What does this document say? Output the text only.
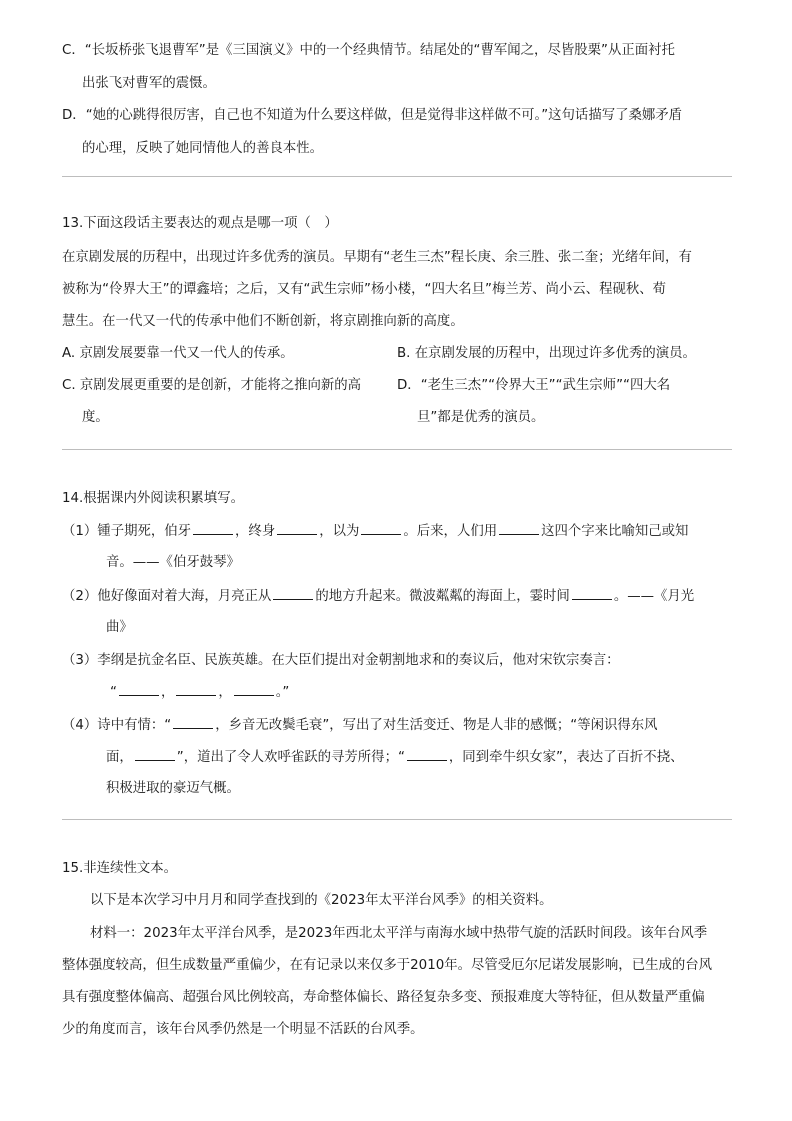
C．“长坂桥张飞退曹军”是《三国演义》中的一个经典情节。结尾处的“曹军闻之，尽皆股栗”从正面衬托
出张飞对曹军的震慑。
D．“她的心跳得很厉害，自己也不知道为什么要这样做，但是觉得非这样做不可。”这句话描写了桑娜矛盾
的心理，反映了她同情他人的善良本性。
13.下面这段话主要表达的观点是哪一项（　）
在京剧发展的历程中，出现过许多优秀的演员。早期有“老生三杰”程长庚、余三胜、张二奎；光绪年间，有
被称为“伶界大王”的谭鑫培；之后，又有“武生宗师”杨小楼，“四大名旦”梅兰芳、尚小云、程砚秋、荀
慧生。在一代又一代的传承中他们不断创新，将京剧推向新的高度。
A. 京剧发展要靠一代又一代人的传承。	B. 在京剧发展的历程中，出现过许多优秀的演员。
C. 京剧发展更重要的是创新，才能将之推向新的高
度。
D．“老生三杰”“伶界大王”“武生宗师”“四大名
旦”都是优秀的演员。
14.根据课内外阅读积累填写。
（1）锺子期死，伯牙	，终身	，以为	。后来，人们用	这四个字来比喻知己或知
音。——《伯牙鼓琴》
（2）他好像面对着大海，月亮正从	的地方升起来。微波粼粼的海面上，霎时间	。——《月光
曲》
（3）李纲是抗金名臣、民族英雄。在大臣们提出对金朝割地求和的奏议后，他对宋钦宗奏言：
“	，	，	。”
（4）诗中有情：“	，乡音无改鬓毛衰”，写出了对生活变迁、物是人非的感慨；“等闲识得东风
面，	”，道出了令人欢呼雀跃的寻芳所得；“	，同到牵牛织女家”，表达了百折不挠、
积极进取的豪迈气概。
15.非连续性文本。
以下是本次学习中月月和同学查找到的《2023年太平洋台风季》的相关资料。
材料一：2023年太平洋台风季，是2023年西北太平洋与南海水域中热带气旋的活跃时间段。该年台风季
整体强度较高，但生成数量严重偏少，在有记录以来仅多于2010年。尽管受厄尔尼诺发展影响，已生成的台风
具有强度整体偏高、超强台风比例较高，寿命整体偏长、路径复杂多变、预报难度大等特征，但从数量严重偏
少的角度而言，该年台风季仍然是一个明显不活跃的台风季。
